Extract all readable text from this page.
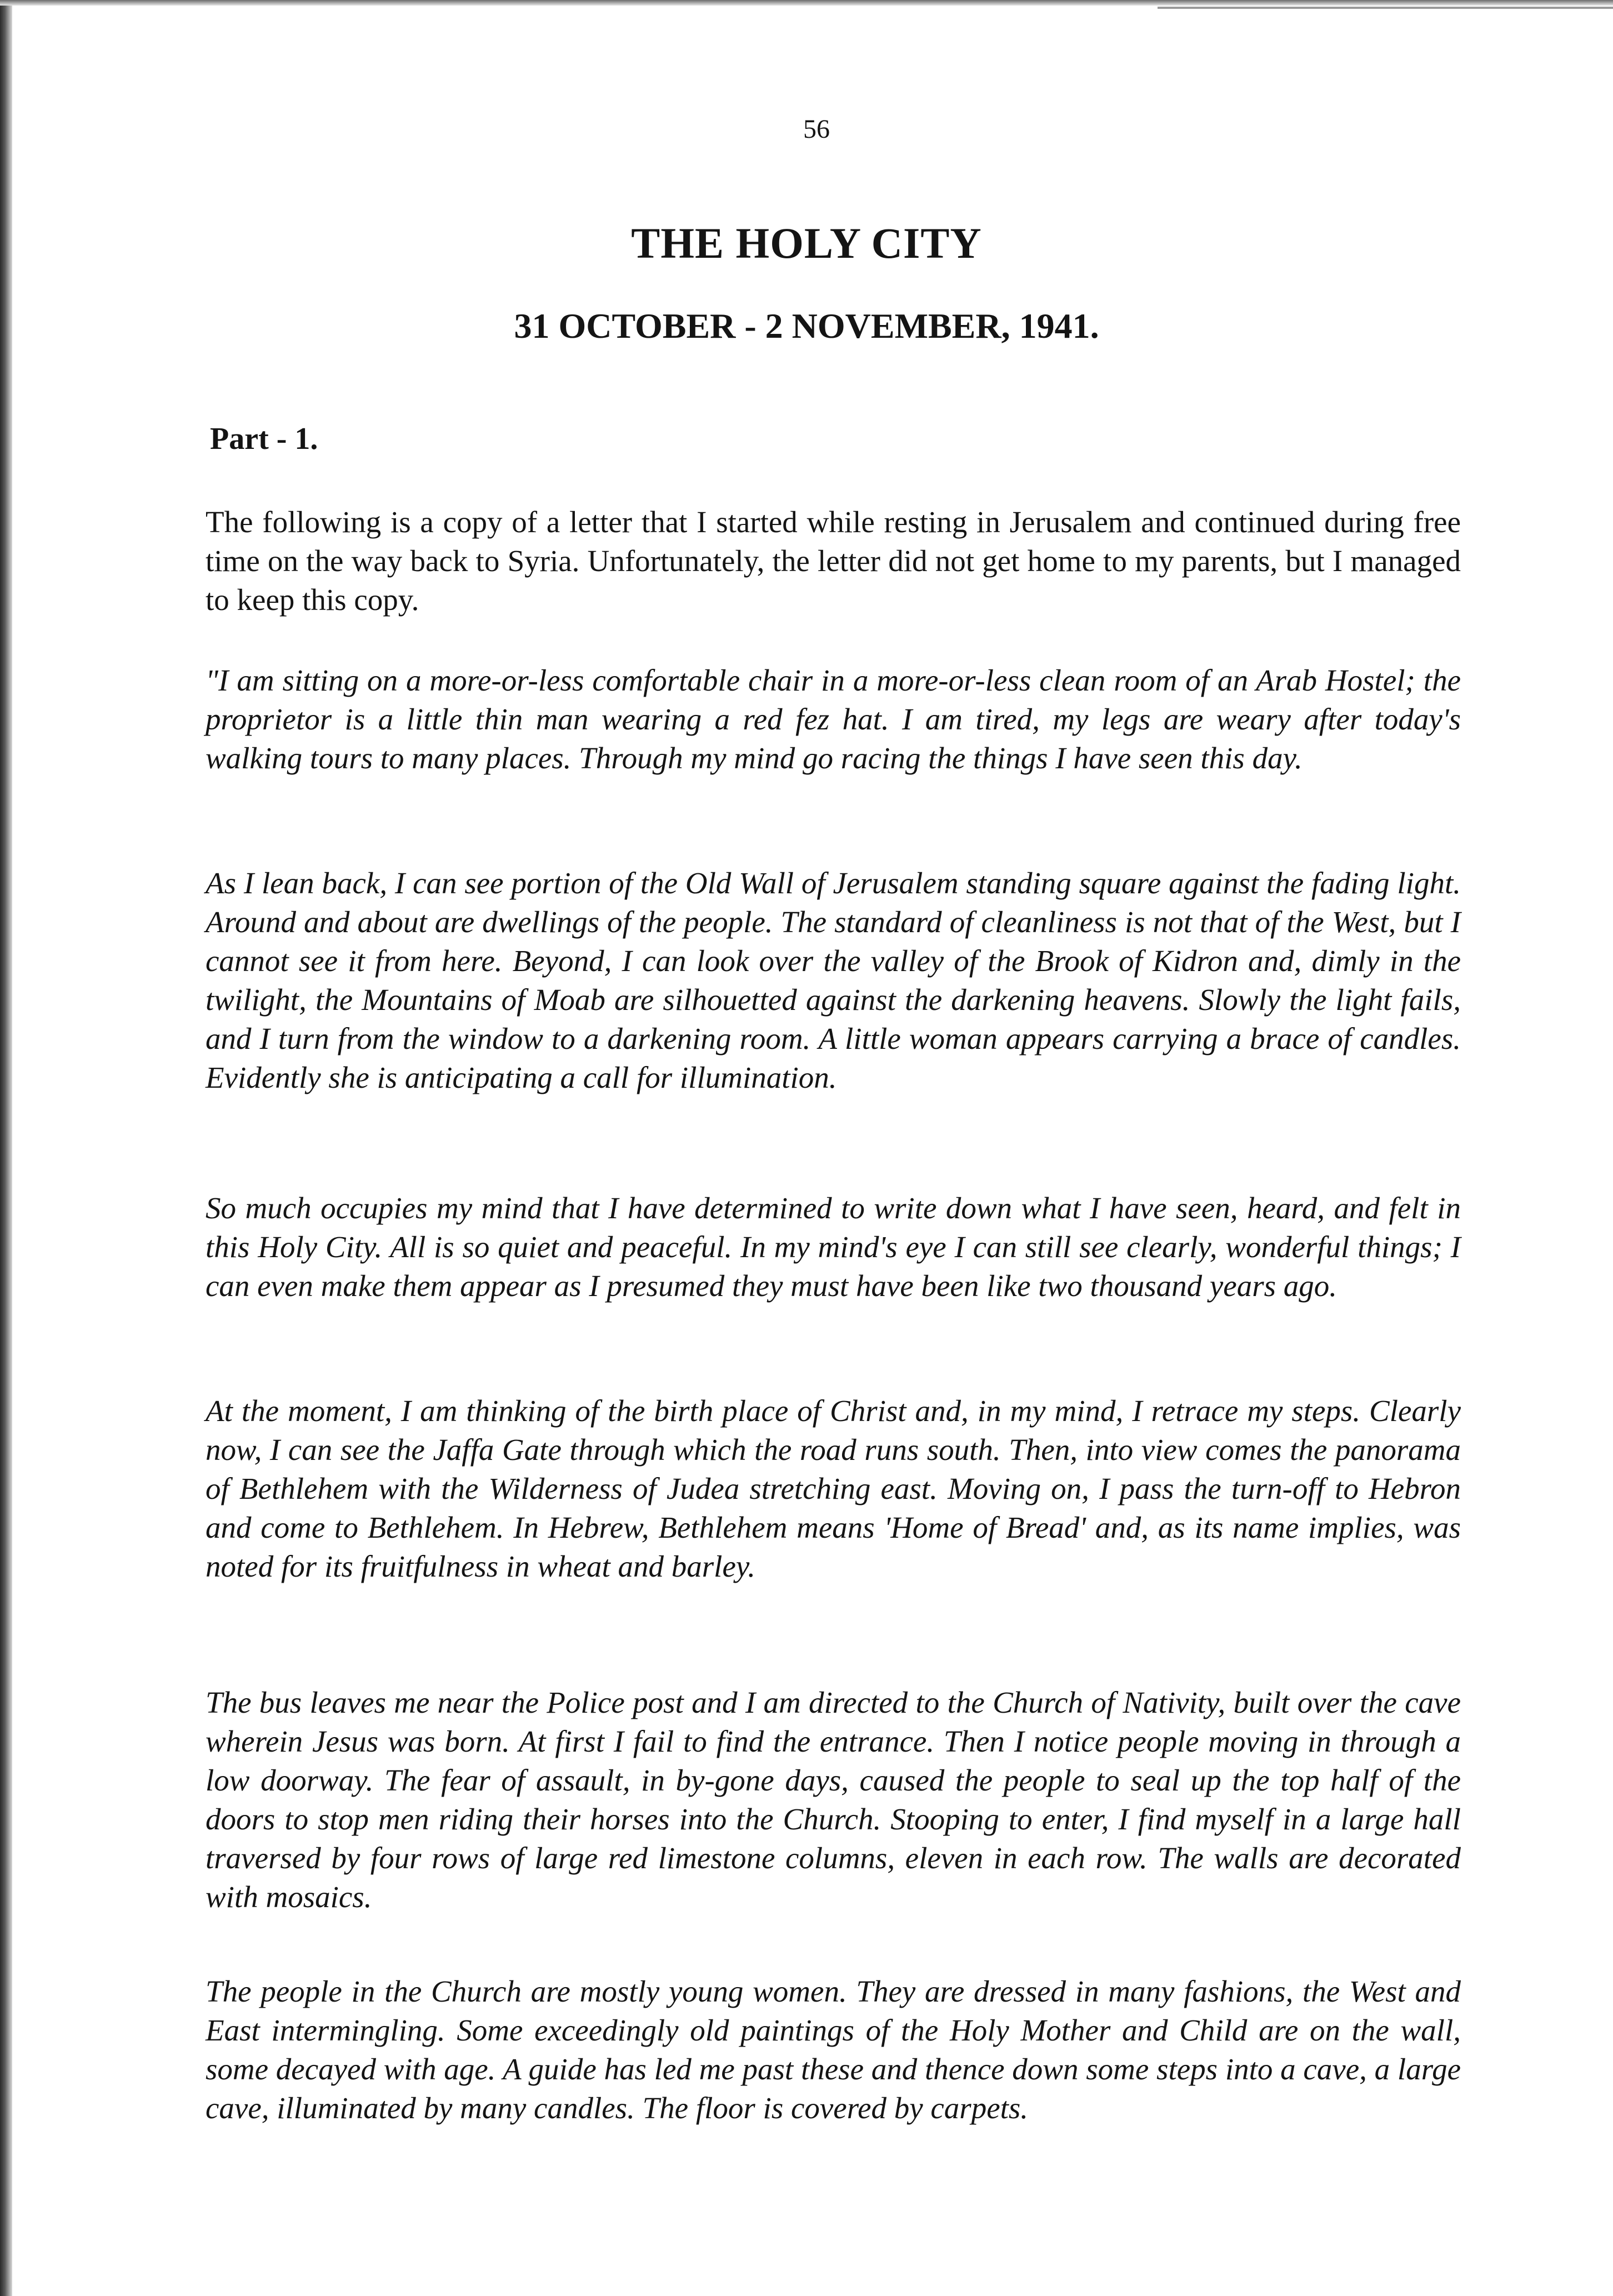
56
THE HOLY CITY
31 OCTOBER - 2 NOVEMBER, 1941.
Part - 1.

The following is a copy of a letter that I started while resting in Jerusalem and continued during free time on the way back to Syria. Unfortunately, the letter did not get home to my parents, but I managed to keep this copy.

"I am sitting on a more-or-less comfortable chair in a more-or-less clean room of an Arab Hostel; the proprietor is a little thin man wearing a red fez hat. I am tired, my legs are weary after today's walking tours to many places. Through my mind go racing the things I have seen this day.

As I lean back, I can see portion of the Old Wall of Jerusalem standing square against the fading light. Around and about are dwellings of the people. The standard of cleanliness is not that of the West, but I cannot see it from here. Beyond, I can look over the valley of the Brook of Kidron and, dimly in the twilight, the Mountains of Moab are silhouetted against the darkening heavens. Slowly the light fails, and I turn from the window to a darkening room. A little woman appears carrying a brace of candles. Evidently she is anticipating a call for illumination.

So much occupies my mind that I have determined to write down what I have seen, heard, and felt in this Holy City. All is so quiet and peaceful. In my mind's eye I can still see clearly, wonderful things; I can even make them appear as I presumed they must have been like two thousand years ago.

At the moment, I am thinking of the birth place of Christ and, in my mind, I retrace my steps. Clearly now, I can see the Jaffa Gate through which the road runs south. Then, into view comes the panorama of Bethlehem with the Wilderness of Judea stretching east. Moving on, I pass the turn-off to Hebron and come to Bethlehem. In Hebrew, Bethlehem means 'Home of Bread' and, as its name implies, was noted for its fruitfulness in wheat and barley.

The bus leaves me near the Police post and I am directed to the Church of Nativity, built over the cave wherein Jesus was born. At first I fail to find the entrance. Then I notice people moving in through a low doorway. The fear of assault, in by-gone days, caused the people to seal up the top half of the doors to stop men riding their horses into the Church. Stooping to enter, I find myself in a large hall traversed by four rows of large red limestone columns, eleven in each row. The walls are decorated with mosaics.

The people in the Church are mostly young women. They are dressed in many fashions, the West and East intermingling. Some exceedingly old paintings of the Holy Mother and Child are on the wall, some decayed with age. A guide has led me past these and thence down some steps into a cave, a large cave, illuminated by many candles. The floor is covered by carpets.
